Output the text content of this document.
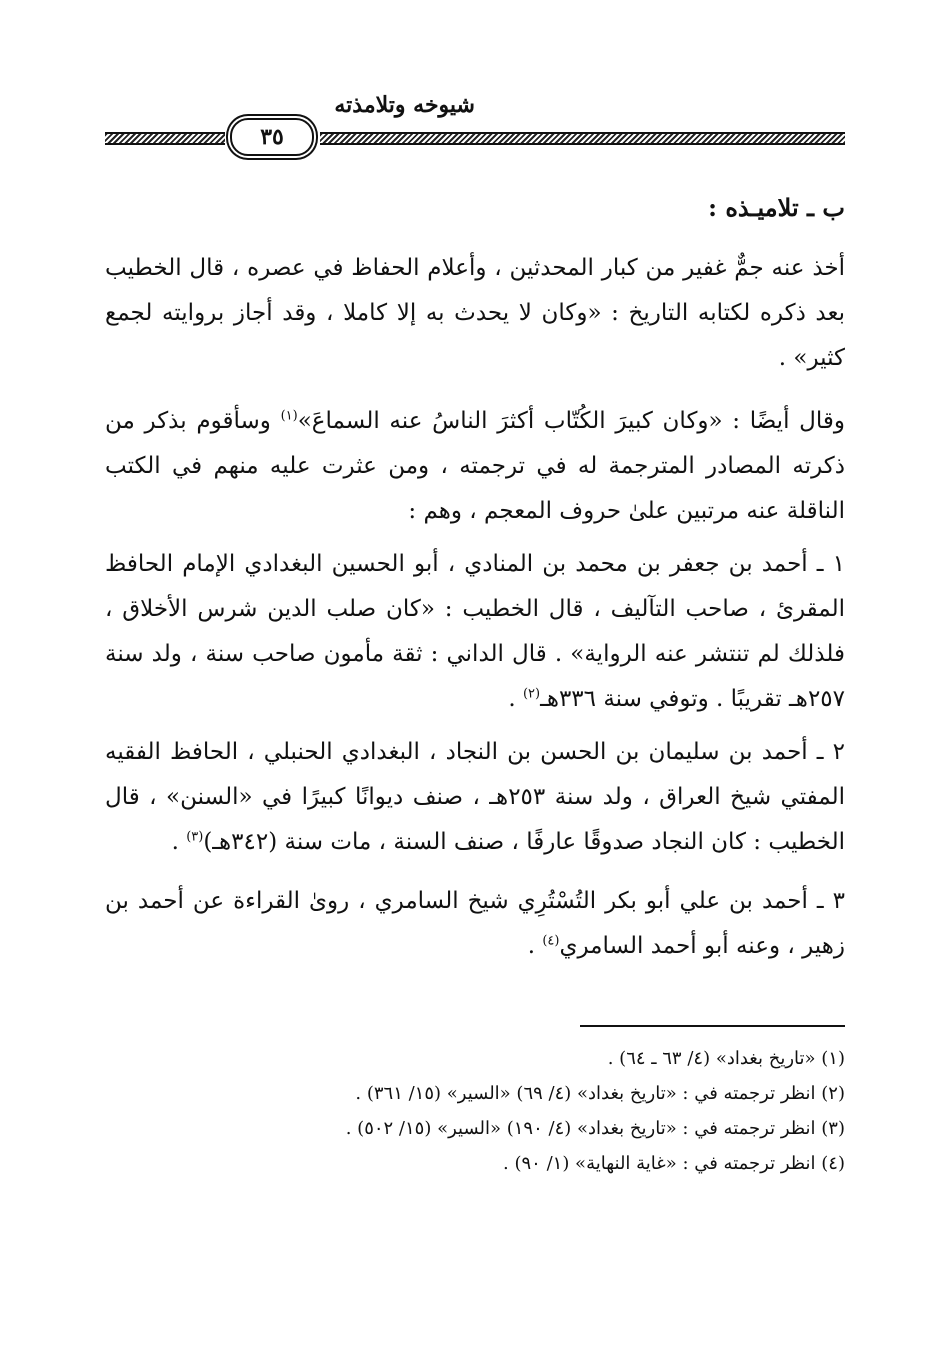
شيوخه وتلامذته
٣٥
ب ـ تلاميـذه :

أخذ عنه جمٌّ غفير من كبار المحدثين ، وأعلام الحفاظ في عصره ، قال الخطيب بعد ذكره لكتابه التاريخ : «وكان لا يحدث به إلا كاملا ، وقد أجاز بروايته لجمع كثير» .

وقال أيضًا : «وكان كبيرَ الكُتّاب أكثرَ الناسُ عنه السماعَ»$^{(١)}$ وسأقوم بذكر من ذكرته المصادر المترجمة له في ترجمته ، ومن عثرت عليه منهم في الكتب الناقلة عنه مرتبين علىٰ حروف المعجم ، وهم :

١ ـ أحمد بن جعفر بن محمد بن المنادي ، أبو الحسين البغدادي الإمام الحافظ المقرئ ، صاحب التآليف ، قال الخطيب : «كان صلب الدين شرس الأخلاق ، فلذلك لم تنتشر عنه الرواية» . قال الداني : ثقة مأمون صاحب سنة ، ولد سنة ٢٥٧هـ تقريبًا . وتوفي سنة ٣٣٦هـ$^{(٢)}$ .

٢ ـ أحمد بن سليمان بن الحسن بن النجاد ، البغدادي الحنبلي ، الحافظ الفقيه المفتي شيخ العراق ، ولد سنة ٢٥٣هـ ، صنف ديوانًا كبيرًا في «السنن» ، قال الخطيب : كان النجاد صدوقًا عارفًا ، صنف السنة ، مات سنة (٣٤٢هـ)$^{(٣)}$ .

٣ ـ أحمد بن علي أبو بكر التُسْتُرِي شيخ السامري ، روىٰ القراءة عن أحمد بن زهير ، وعنه أبو أحمد السامري$^{(٤)}$ .

(١) «تاريخ بغداد» (٤/ ٦٣ ـ ٦٤) .

(٢) انظر ترجمته في : «تاريخ بغداد» (٤/ ٦٩) «السير» (١٥/ ٣٦١) .

(٣) انظر ترجمته في : «تاريخ بغداد» (٤/ ١٩٠) «السير» (١٥/ ٥٠٢) .

(٤) انظر ترجمته في : «غاية النهاية» (١/ ٩٠) .
